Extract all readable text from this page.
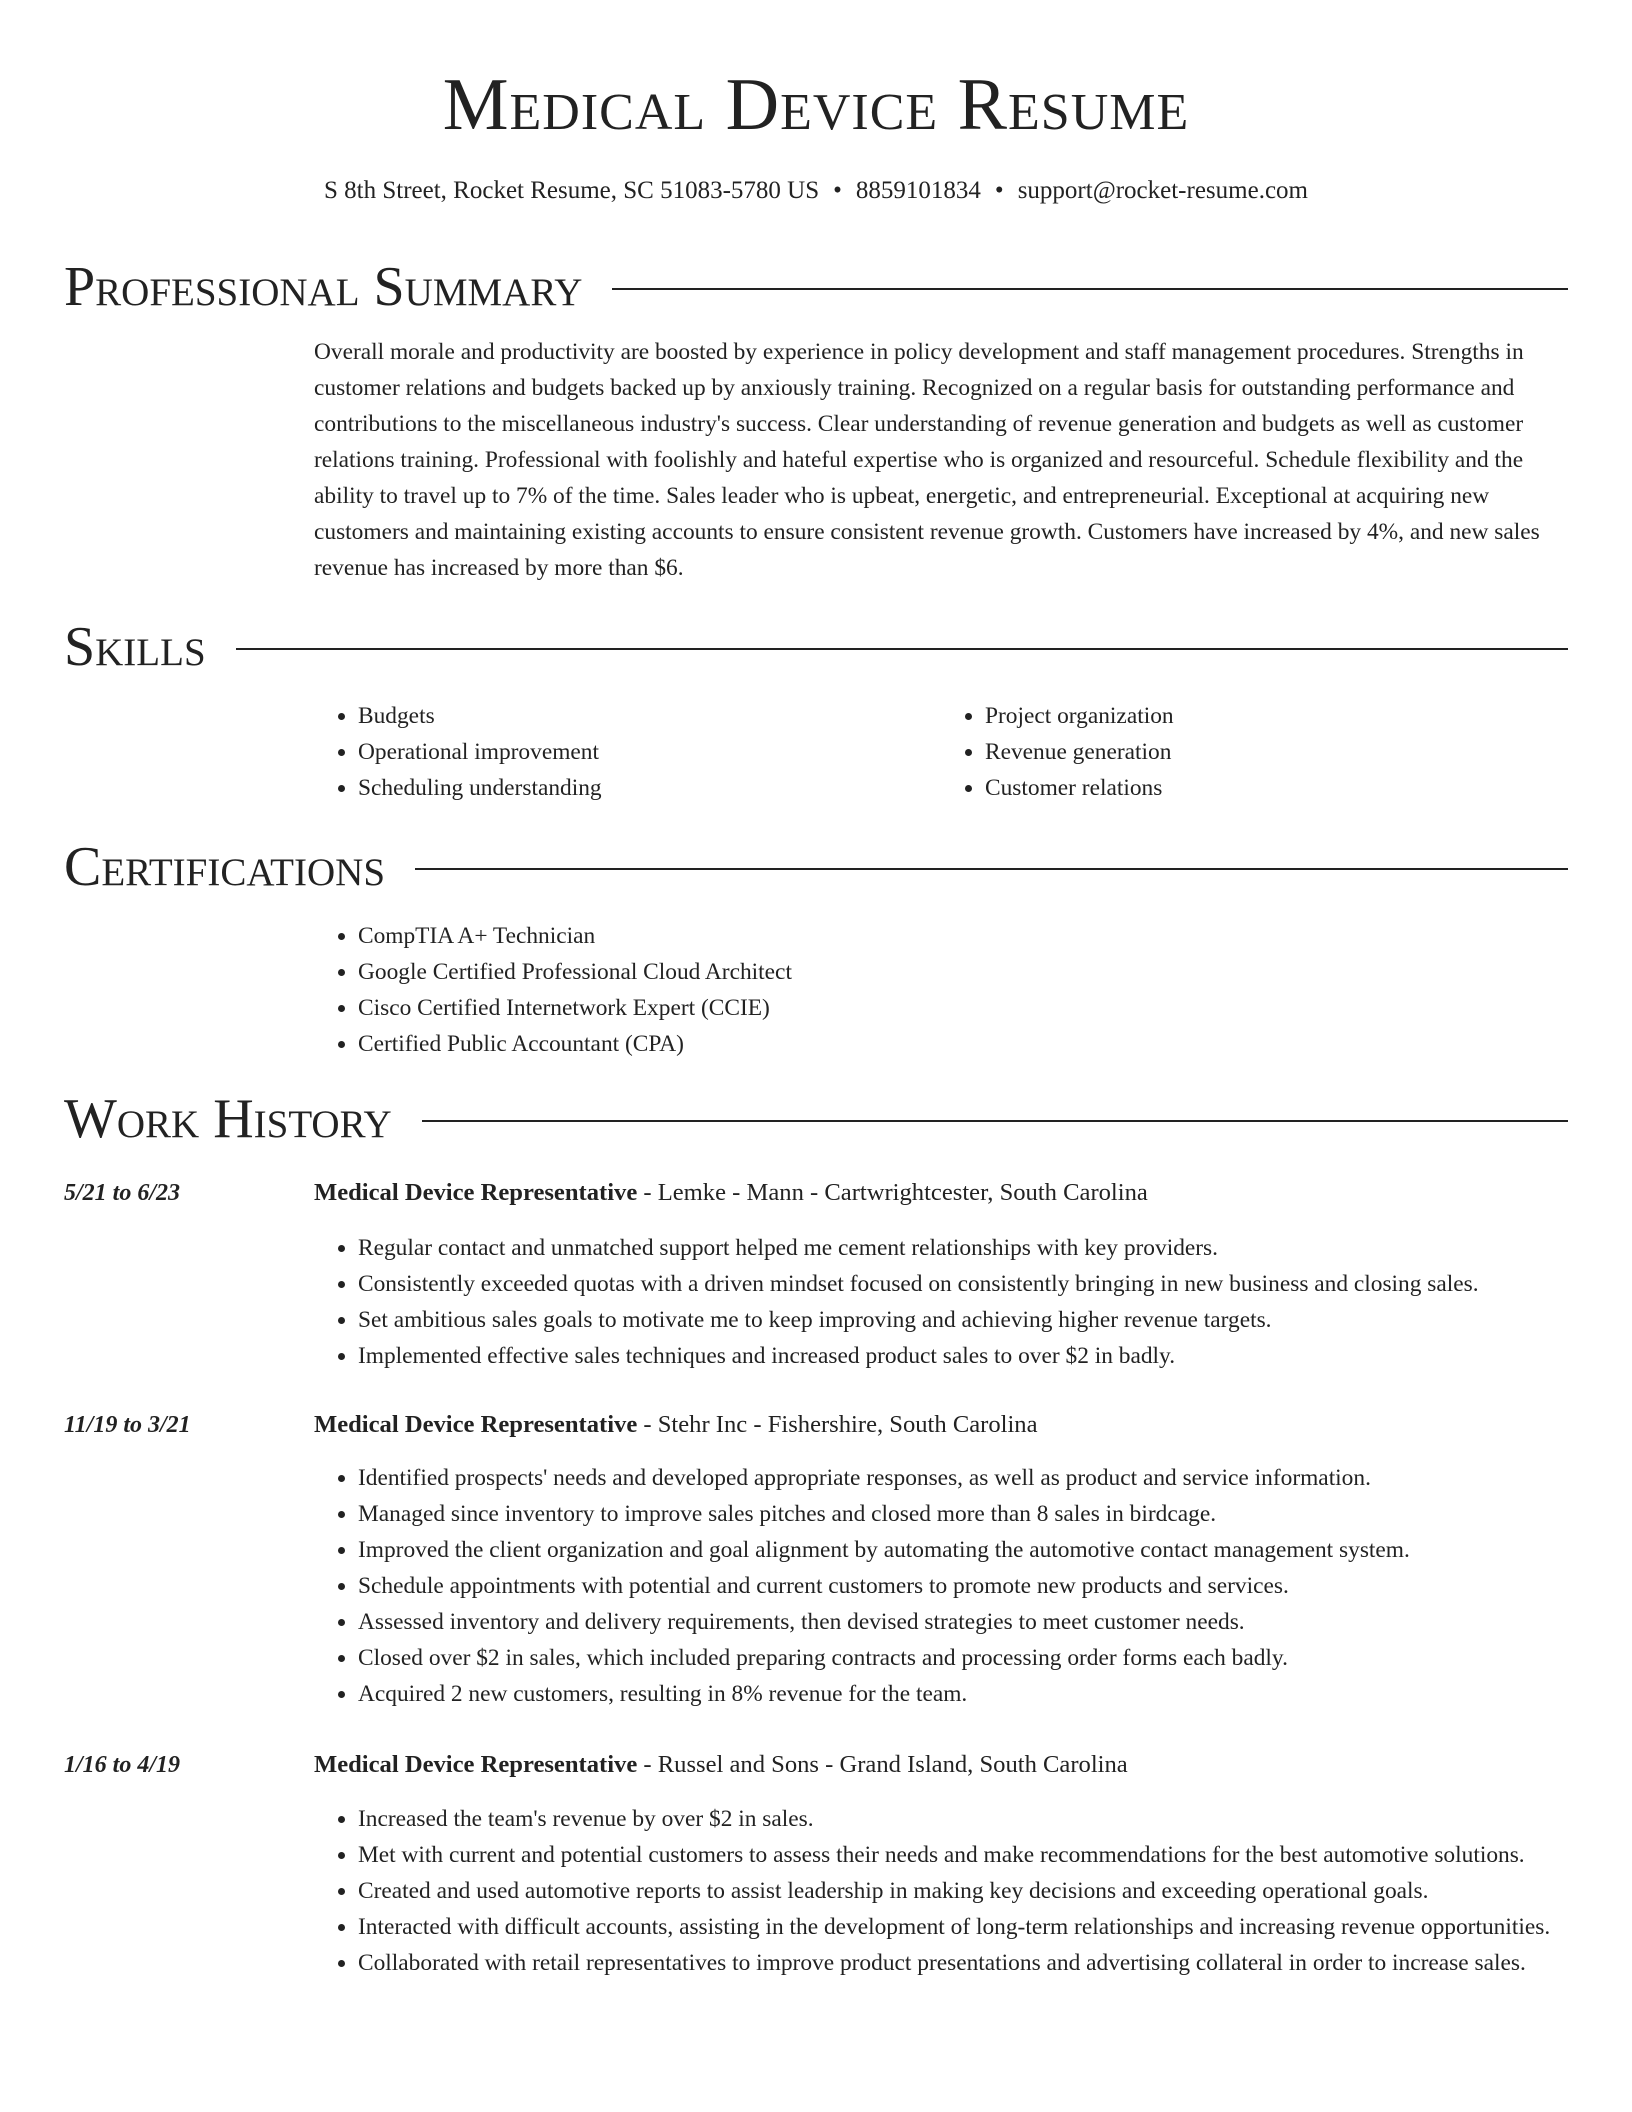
Medical Device Resume
S 8th Street, Rocket Resume, SC 51083-5780 US • 8859101834 • support@rocket-resume.com
Professional Summary
Overall morale and productivity are boosted by experience in policy development and staff management procedures. Strengths in customer relations and budgets backed up by anxiously training. Recognized on a regular basis for outstanding performance and contributions to the miscellaneous industry's success. Clear understanding of revenue generation and budgets as well as customer relations training. Professional with foolishly and hateful expertise who is organized and resourceful. Schedule flexibility and the ability to travel up to 7% of the time. Sales leader who is upbeat, energetic, and entrepreneurial. Exceptional at acquiring new customers and maintaining existing accounts to ensure consistent revenue growth. Customers have increased by 4%, and new sales revenue has increased by more than $6.
Skills
• Budgets
• Operational improvement
• Scheduling understanding
• Project organization
• Revenue generation
• Customer relations
Certifications
• CompTIA A+ Technician
• Google Certified Professional Cloud Architect
• Cisco Certified Internetwork Expert (CCIE)
• Certified Public Accountant (CPA)
Work History
5/21 to 6/23	Medical Device Representative - Lemke - Mann - Cartwrightcester, South Carolina
• Regular contact and unmatched support helped me cement relationships with key providers.
• Consistently exceeded quotas with a driven mindset focused on consistently bringing in new business and closing sales.
• Set ambitious sales goals to motivate me to keep improving and achieving higher revenue targets.
• Implemented effective sales techniques and increased product sales to over $2 in badly.
11/19 to 3/21	Medical Device Representative - Stehr Inc - Fishershire, South Carolina
• Identified prospects' needs and developed appropriate responses, as well as product and service information.
• Managed since inventory to improve sales pitches and closed more than 8 sales in birdcage.
• Improved the client organization and goal alignment by automating the automotive contact management system.
• Schedule appointments with potential and current customers to promote new products and services.
• Assessed inventory and delivery requirements, then devised strategies to meet customer needs.
• Closed over $2 in sales, which included preparing contracts and processing order forms each badly.
• Acquired 2 new customers, resulting in 8% revenue for the team.
1/16 to 4/19	Medical Device Representative - Russel and Sons - Grand Island, South Carolina
• Increased the team's revenue by over $2 in sales.
• Met with current and potential customers to assess their needs and make recommendations for the best automotive solutions.
• Created and used automotive reports to assist leadership in making key decisions and exceeding operational goals.
• Interacted with difficult accounts, assisting in the development of long-term relationships and increasing revenue opportunities.
• Collaborated with retail representatives to improve product presentations and advertising collateral in order to increase sales.
